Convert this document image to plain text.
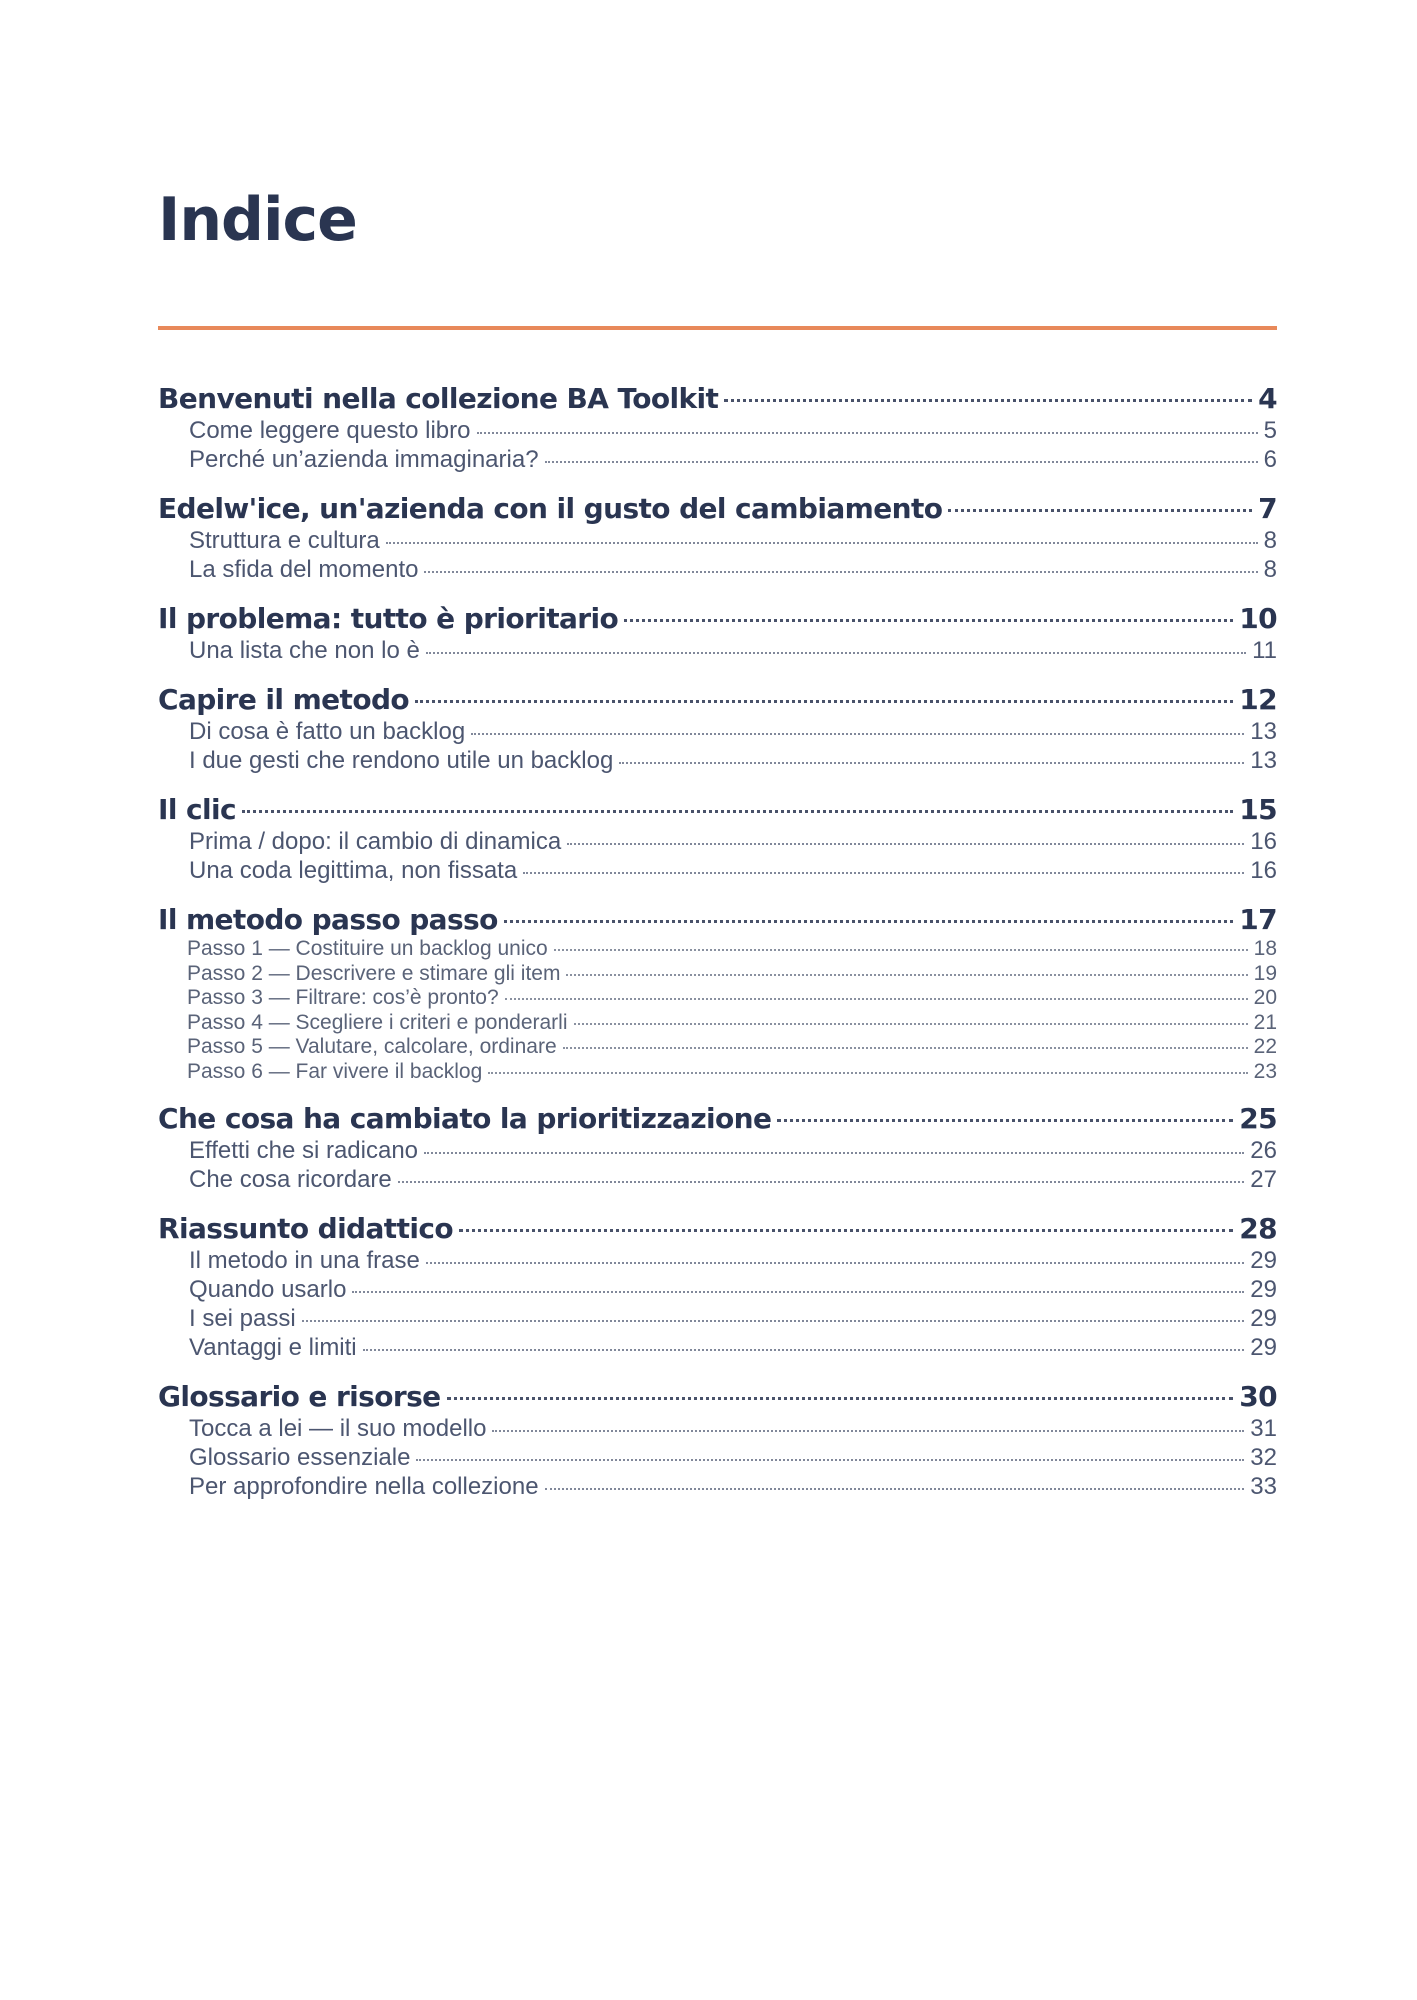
Indice
Benvenuti nella collezione BA Toolkit	4
Come leggere questo libro	5
Perché un’azienda immaginaria?	6
Edelw'ice, un'azienda con il gusto del cambiamento	7
Struttura e cultura	8
La sfida del momento	8
Il problema: tutto è prioritario	10
Una lista che non lo è	11
Capire il metodo	12
Di cosa è fatto un backlog	13
I due gesti che rendono utile un backlog	13
Il clic	15
Prima / dopo: il cambio di dinamica	16
Una coda legittima, non fissata	16
Il metodo passo passo	17
Passo 1 — Costituire un backlog unico	18
Passo 2 — Descrivere e stimare gli item	19
Passo 3 — Filtrare: cos’è pronto?	20
Passo 4 — Scegliere i criteri e ponderarli	21
Passo 5 — Valutare, calcolare, ordinare	22
Passo 6 — Far vivere il backlog	23
Che cosa ha cambiato la prioritizzazione	25
Effetti che si radicano	26
Che cosa ricordare	27
Riassunto didattico	28
Il metodo in una frase	29
Quando usarlo	29
I sei passi	29
Vantaggi e limiti	29
Glossario e risorse	30
Tocca a lei — il suo modello	31
Glossario essenziale	32
Per approfondire nella collezione	33
